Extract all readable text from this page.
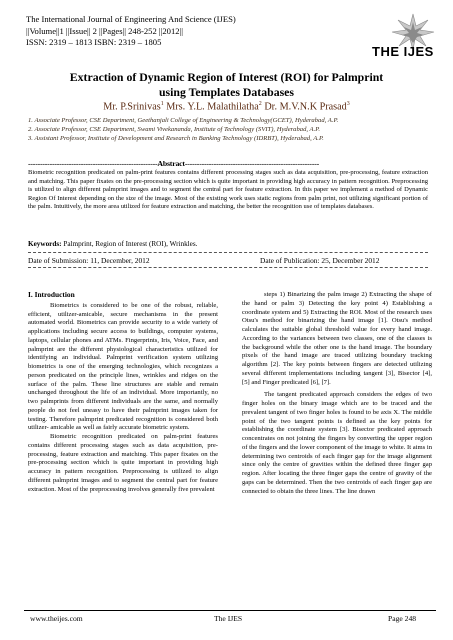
The International Journal of Engineering And Science (IJES)
||Volume||1 ||Issue|| 2 ||Pages|| 248-252 ||2012||
ISSN: 2319 – 1813 ISBN: 2319 – 1805
THE IJES
Extraction of Dynamic Region of Interest (ROI) for Palmprint
using Templates Databases
Mr. P.Srinivas$^1$ Mrs. Y.L. Malathilatha$^2$ Dr. M.V.N.K Prasad$^3$
1. Associate Professor, CSE Department, Geethanjali College of Engineering & Technology(GCET), Hyderabad, A.P.
2. Associate Professor, CSE Department, Swami Vivekananda, Institute of Technology (SVIT), Hyderabad, A.P.
3. Assistant Professor, Institute of Development and Research in Banking Technology (IDRBT), Hyderabad, A.P.
------------------------------------------------------Abstract--------------------------------------------------------
Biometric recognition predicated on palm-print features contains different processing stages such as data acquisition, pre-processing, feature extraction and matching. This paper fixates on the pre-processing section which is quite important in providing high accuracy in pattern recognition. Preprocessing is utilized to align different palmprint images and to segment the central part for feature extraction. In this paper we implement a method of Dynamic Region Of Interest depending on the size of the image. Most of the existing work uses static regions from palm print, not utilizing significant portion of the palm. Intuitively, the more area utilized for feature extraction and matching, the better the recognition use of templates databases.
Keywords: Palmprint, Region of Interest (ROI), Wrinkles.
Date of Submission: 11, December, 2012	Date of Publication: 25, December 2012

I. Introduction

Biometrics is considered to be one of the robust, reliable, efficient, utilizer-amicable, secure mechanisms in the present automated world. Biometrics can provide security to a wide variety of applications including secure access to buildings, computer systems, laptops, cellular phones and ATMs. Fingerprints, Iris, Voice, Face, and palmprint are the different physiological characteristics utilized for identifying an individual. Palmprint verification system utilizing biometrics is one of the emerging technologies, which recognizes a person predicated on the principle lines, wrinkles and ridges on the surface of the palm. These line structures are stable and remain unchanged throughout the life of an individual. More importantly, no two palmprints from different individuals are the same, and normally people do not feel uneasy to have their palmprint images taken for testing. Therefore palmprint predicated recognition is considered both utilizer- amicable as well as fairly accurate biometric system.

Biometric recognition predicated on palm-print features contains different processing stages such as data acquisition, pre-processing, feature extraction and matching. This paper fixates on the pre-processing section which is quite important in providing high accuracy in pattern recognition. Preprocessing is utilized to align different palmprint images and to segment the central part for feature extraction. Most of the preprocessing involves generally five prevalent

steps 1) Binarizing the palm image 2) Extracting the shape of the hand or palm 3) Detecting the key point 4) Establishing a coordinate system and 5) Extracting the ROI. Most of the research uses Otsu's method for binarizing the hand image [1]. Otsu's method calculates the suitable global threshold value for every hand image. According to the variances between two classes, one of the classes is the background while the other one is the hand image. The boundary pixels of the hand image are traced utilizing boundary tracking algorithm [2]. The key points between fingers are detected utilizing several different implementations including tangent [3], Bisector [4], [5] and Finger predicated [6], [7].

The tangent predicated approach considers the edges of two finger holes on the binary image which are to be traced and the prevalent tangent of two finger holes is found to be axis X. The middle point of the two tangent points is defined as the key points for establishing the coordinate system [3]. Bisector predicated approach concentrates on not joining the fingers by converting the upper region of the fingers and the lower component of the image to white. It aims in determining two centroids of each finger gap for the image alignment since only the centre of gravities within the defined three finger gap region. After locating the three finger gaps the centre of gravity of the gaps can be determined. Then the two centroids of each finger gap are connected to obtain the three lines. The line drawn

www.theijes.com	The IJES	Page 248
